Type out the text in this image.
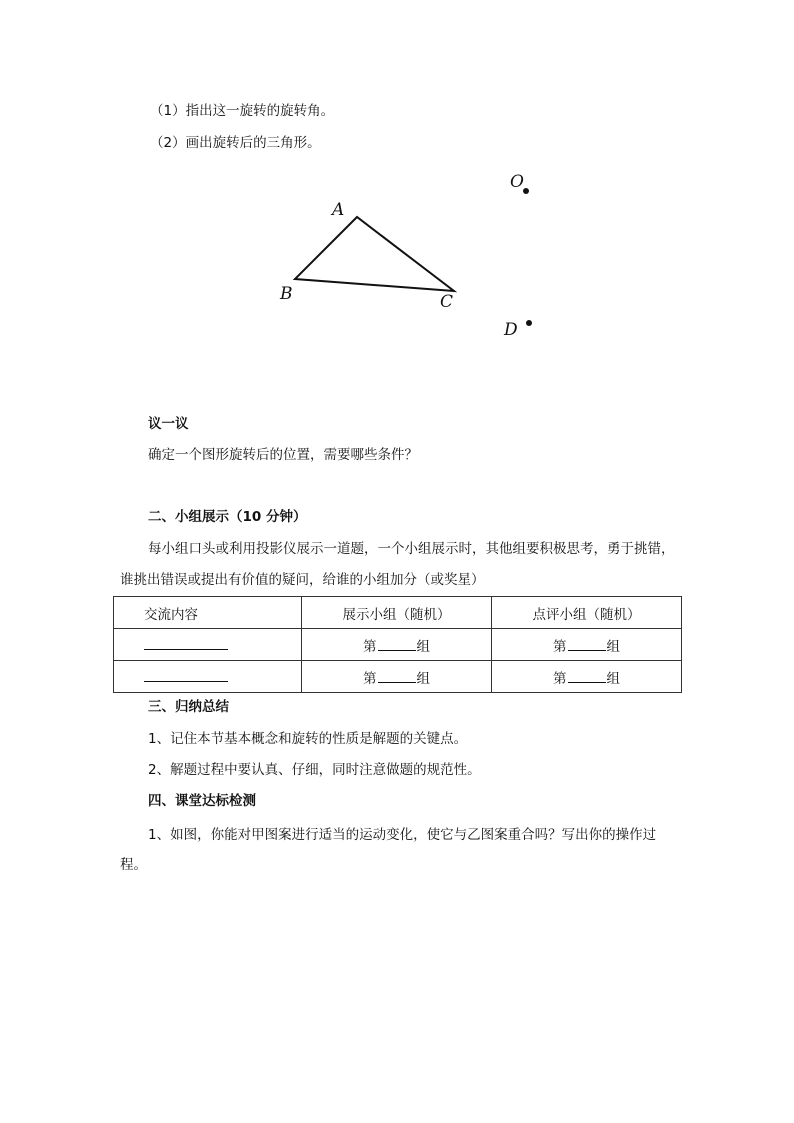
（1）指出这一旋转的旋转角。
（2）画出旋转后的三角形。
A
B	C
O
D
议一议
确定一个图形旋转后的位置，需要哪些条件？
二、小组展示（10 分钟）
每小组口头或利用投影仪展示一道题，一个小组展示时，其他组要积极思考，勇于挑错，
谁挑出错误或提出有价值的疑问，给谁的小组加分（或奖星）
交流内容	展示小组（随机）	点评小组（随机）
	第 组	第 组
	第 组	第 组
三、归纳总结
1、记住本节基本概念和旋转的性质是解题的关键点。
2、解题过程中要认真、仔细，同时注意做题的规范性。
四、课堂达标检测
1、如图，你能对甲图案进行适当的运动变化，使它与乙图案重合吗？写出你的操作过
程。
